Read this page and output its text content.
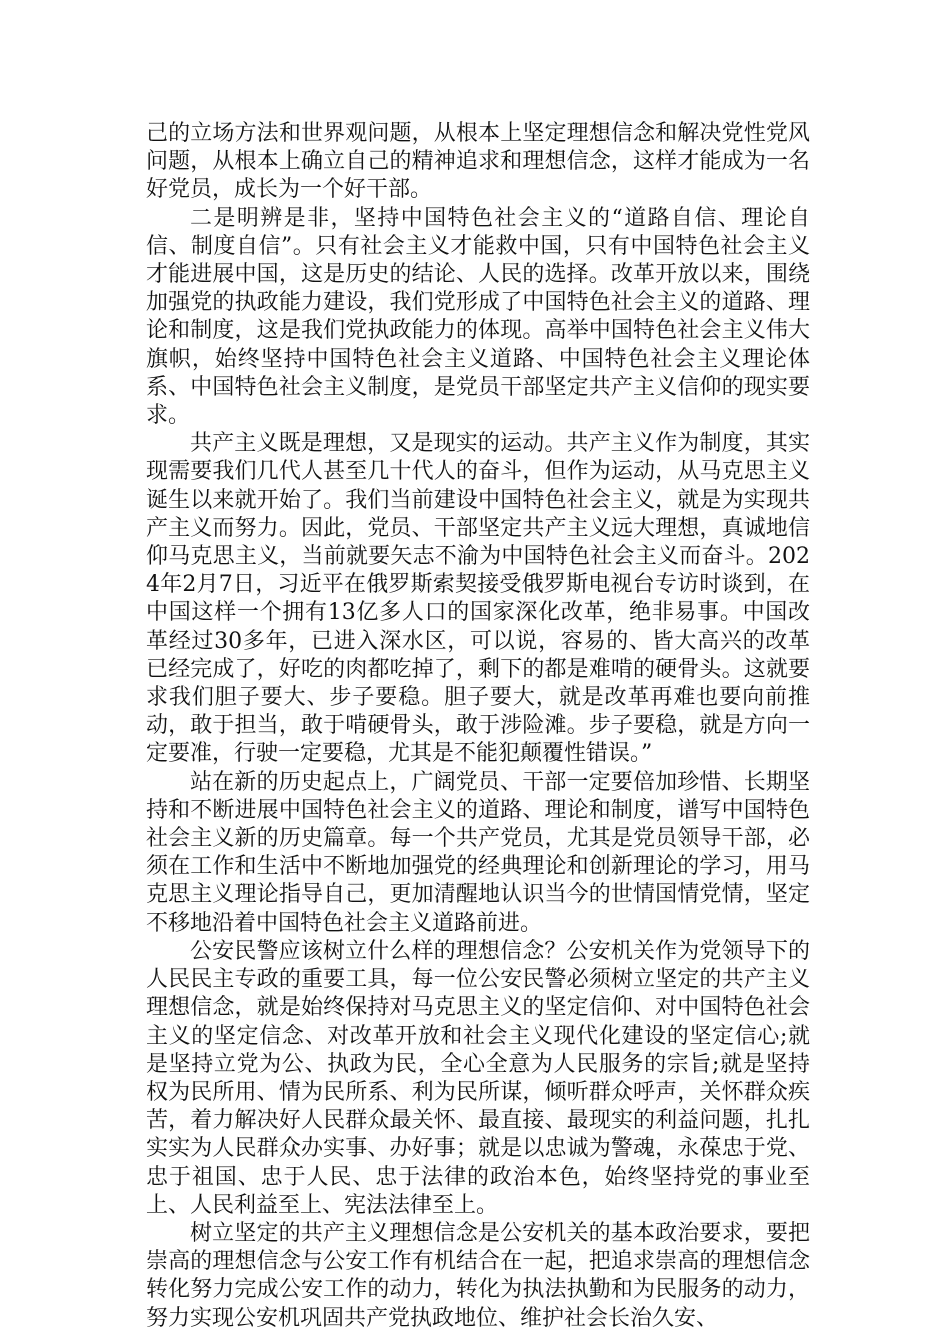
己的立场方法和世界观问题，从根本上坚定理想信念和解决党性党风问题，从根本上确立自己的精神追求和理想信念，这样才能成为一名好党员，成长为一个好干部。

二是明辨是非，坚持中国特色社会主义的“道路自信、理论自信、制度自信”。只有社会主义才能救中国，只有中国特色社会主义才能进展中国，这是历史的结论、人民的选择。改革开放以来，围绕加强党的执政能力建设，我们党形成了中国特色社会主义的道路、理论和制度，这是我们党执政能力的体现。高举中国特色社会主义伟大旗帜，始终坚持中国特色社会主义道路、中国特色社会主义理论体系、中国特色社会主义制度，是党员干部坚定共产主义信仰的现实要求。

共产主义既是理想，又是现实的运动。共产主义作为制度，其实现需要我们几代人甚至几十代人的奋斗，但作为运动，从马克思主义诞生以来就开始了。我们当前建设中国特色社会主义，就是为实现共产主义而努力。因此，党员、干部坚定共产主义远大理想，真诚地信仰马克思主义，当前就要矢志不渝为中国特色社会主义而奋斗。2024年2月7日，习近平在俄罗斯索契接受俄罗斯电视台专访时谈到，在中国这样一个拥有13亿多人口的国家深化改革，绝非易事。中国改革经过30多年，已进入深水区，可以说，容易的、皆大高兴的改革已经完成了，好吃的肉都吃掉了，剩下的都是难啃的硬骨头。这就要求我们胆子要大、步子要稳。胆子要大，就是改革再难也要向前推动，敢于担当，敢于啃硬骨头，敢于涉险滩。步子要稳，就是方向一定要准，行驶一定要稳，尤其是不能犯颠覆性错误。”

站在新的历史起点上，广阔党员、干部一定要倍加珍惜、长期坚持和不断进展中国特色社会主义的道路、理论和制度，谱写中国特色社会主义新的历史篇章。每一个共产党员，尤其是党员领导干部，必须在工作和生活中不断地加强党的经典理论和创新理论的学习，用马克思主义理论指导自己，更加清醒地认识当今的世情国情党情，坚定不移地沿着中国特色社会主义道路前进。

公安民警应该树立什么样的理想信念？公安机关作为党领导下的人民民主专政的重要工具，每一位公安民警必须树立坚定的共产主义理想信念，就是始终保持对马克思主义的坚定信仰、对中国特色社会主义的坚定信念、对改革开放和社会主义现代化建设的坚定信心;就是坚持立党为公、执政为民，全心全意为人民服务的宗旨;就是坚持权为民所用、情为民所系、利为民所谋，倾听群众呼声，关怀群众疾苦，着力解决好人民群众最关怀、最直接、最现实的利益问题，扎扎实实为人民群众办实事、办好事；就是以忠诚为警魂，永葆忠于党、忠于祖国、忠于人民、忠于法律的政治本色，始终坚持党的事业至上、人民利益至上、宪法法律至上。

树立坚定的共产主义理想信念是公安机关的基本政治要求，要把崇高的理想信念与公安工作有机结合在一起，把追求崇高的理想信念转化努力完成公安工作的动力，转化为执法执勤和为民服务的动力，努力实现公安机巩固共产党执政地位、维护社会长治久安、
